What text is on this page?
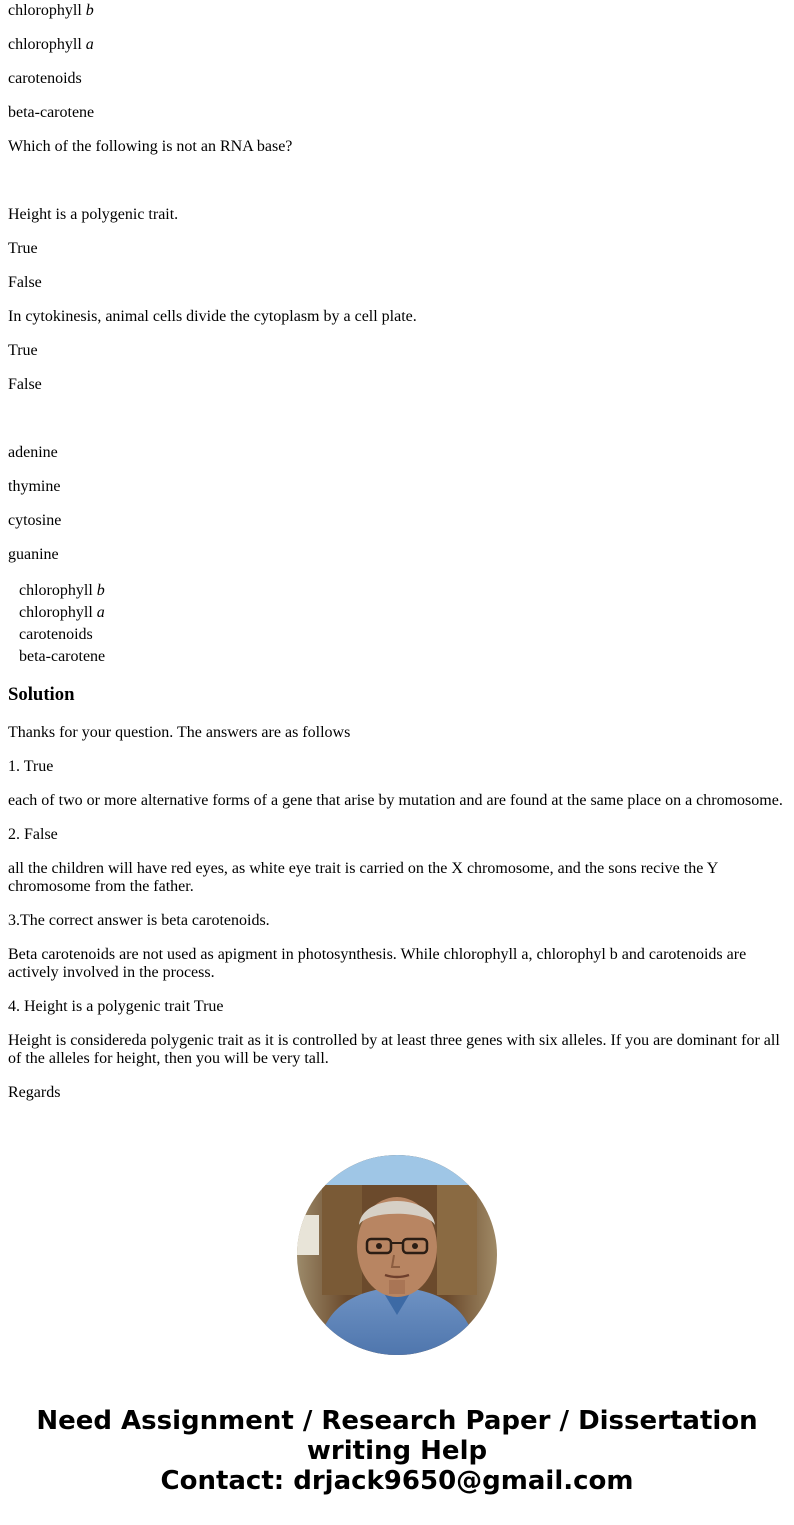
chlorophyll b

chlorophyll a

carotenoids

beta-carotene

Which of the following is not an RNA base?

Height is a polygenic trait.

True

False

In cytokinesis, animal cells divide the cytoplasm by a cell plate.

True

False

adenine

thymine

cytosine

guanine

chlorophyll b
chlorophyll a
carotenoids
beta-carotene
Solution

Thanks for your question. The answers are as follows

1. True

each of two or more alternative forms of a gene that arise by mutation and are found at the same place on a chromosome.

2. False

all the children will have red eyes, as white eye trait is carried on the X chromosome, and the sons recive the Y chromosome from the father.

3.The correct answer is beta carotenoids.

Beta carotenoids are not used as apigment in photosynthesis. While chlorophyll a, chlorophyl b and carotenoids are actively involved in the process.

4. Height is a polygenic trait True

Height is considereda polygenic trait as it is controlled by at least three genes with six alleles. If you are dominant for all of the alleles for height, then you will be very tall.

Regards

Need Assignment / Research Paper / Dissertation
writing Help
Contact: drjack9650@gmail.com
